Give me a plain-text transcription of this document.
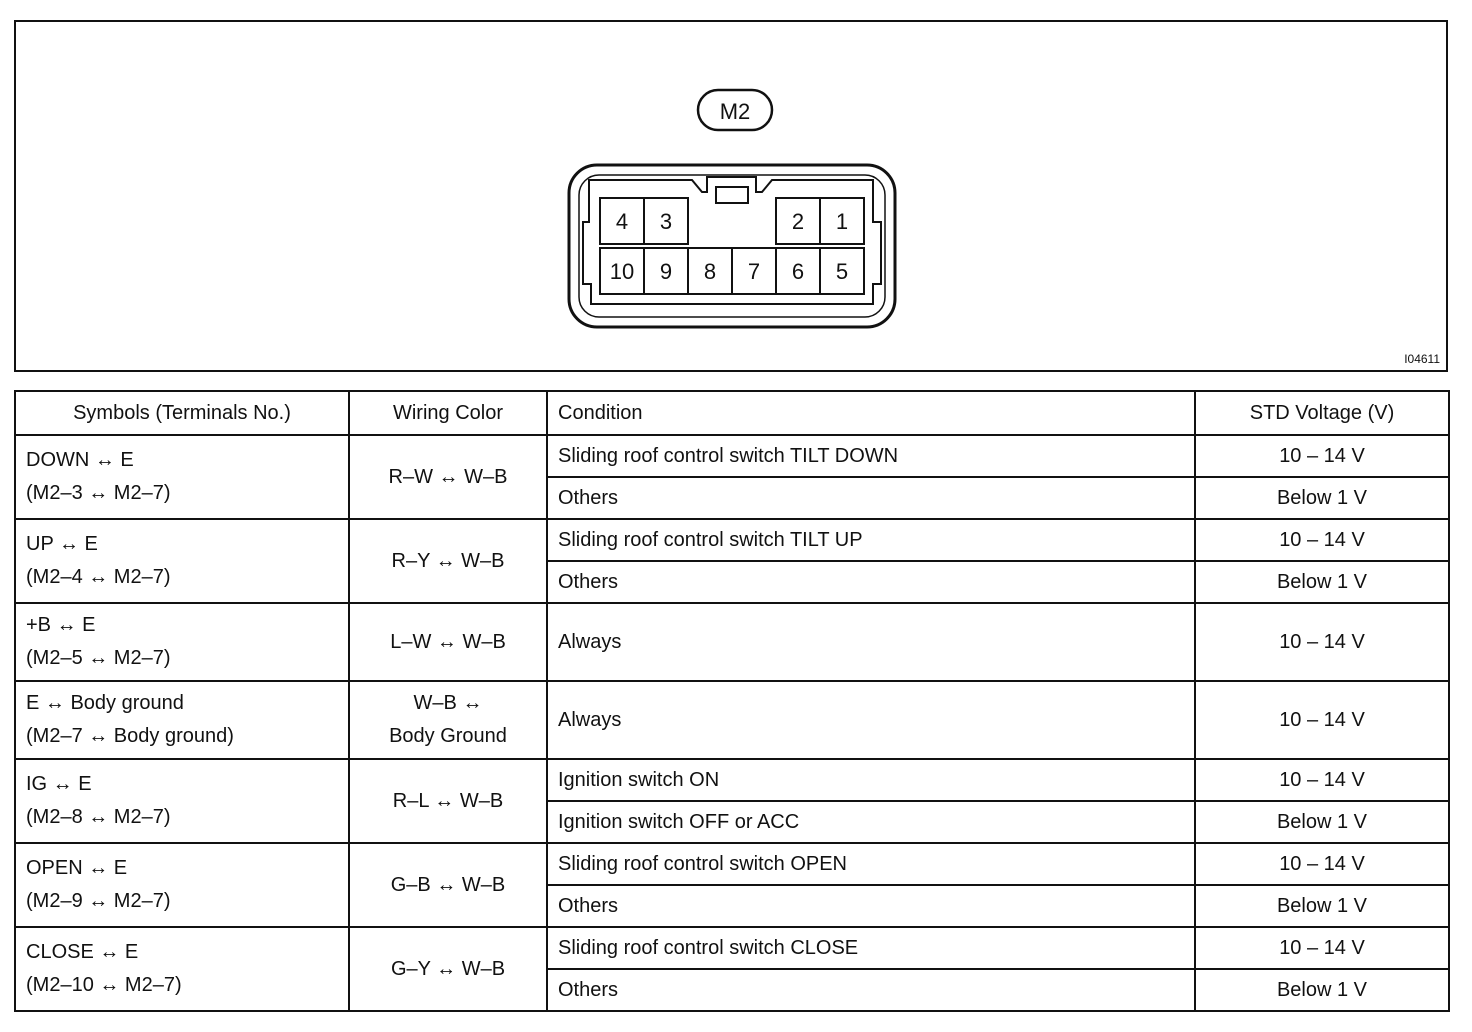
M2
4 3	2 1
10 9 8 7 6 5
I04611
Symbols (Terminals No.)	Wiring Color	Condition	STD Voltage (V)

DOWN ↔ E
(M2–3 ↔ M2–7)	R–W ↔ W–B	Sliding roof control switch TILT DOWN	10 – 14 V
		Others	Below 1 V

UP ↔ E
(M2–4 ↔ M2–7)	R–Y ↔ W–B	Sliding roof control switch TILT UP	10 – 14 V
		Others	Below 1 V

+B ↔ E
(M2–5 ↔ M2–7)	L–W ↔ W–B	Always	10 – 14 V

E ↔ Body ground
(M2–7 ↔ Body ground)	W–B ↔
Body Ground	Always	10 – 14 V

IG ↔ E
(M2–8 ↔ M2–7)	R–L ↔ W–B	Ignition switch ON	10 – 14 V
		Ignition switch OFF or ACC	Below 1 V

OPEN ↔ E
(M2–9 ↔ M2–7)	G–B ↔ W–B	Sliding roof control switch OPEN	10 – 14 V
		Others	Below 1 V

CLOSE ↔ E
(M2–10 ↔ M2–7)	G–Y ↔ W–B	Sliding roof control switch CLOSE	10 – 14 V
		Others	Below 1 V
